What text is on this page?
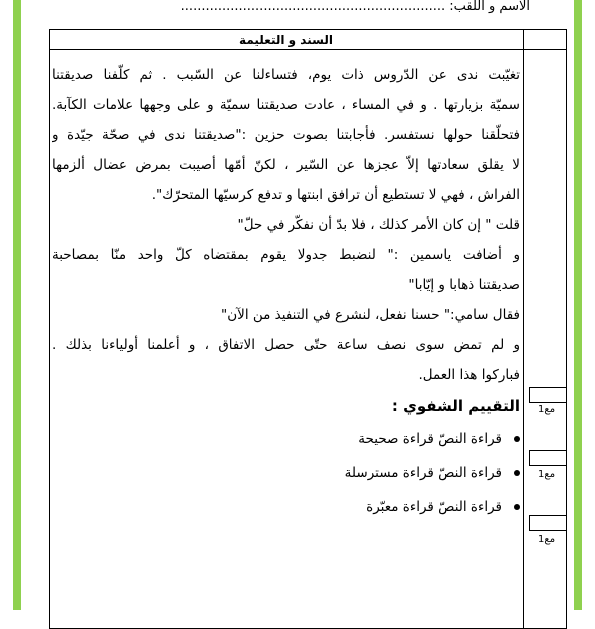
الاسم و اللقب: ................................................................
السند و التعليمة

تغيّبت ندى عن الدّروس ذات يوم، فتساءلنا عن السّبب . ثم كلّفنا صديقتنا

سميّة بزيارتها . و في المساء ، عادت صديقتنا سميّة و على وجهها علامات الكآبة.

فتحلّقنا حولها نستفسر. فأجابتنا بصوت حزين :"صديقتنا ندى في صحّة جيّدة و

لا يقلق سعادتها إلاّ عجزها عن السّير ، لكنّ أمّها أصيبت بمرض عضال ألزمها

الفراش ، فهي لا تستطيع أن ترافق ابنتها و تدفع كرسيّها المتحرّك".

قلت " إن كان الأمر كذلك ، فلا بدّ أن نفكّر في حلّ"

و أضافت ياسمين :" لنضبط جدولا يقوم بمقتضاه كلّ واحد منّا بمصاحبة

صديقتنا ذهابا و إيّابا"

فقال سامي:" حسنا نفعل، لنشرع في التنفيذ من الآن"

و لم تمض سوى نصف ساعة حتّى حصل الاتفاق ، و أعلمنا أولياءنا بذلك .

فباركوا هذا العمل.

التقييم الشفوي :

قراءة النصّ قراءة صحيحة
قراءة النصّ قراءة مسترسلة
قراءة النصّ قراءة معبّرة
مع1
مع1
مع1
